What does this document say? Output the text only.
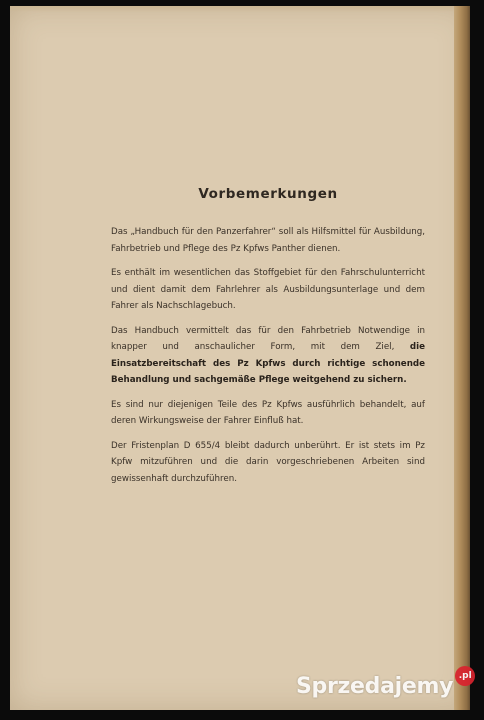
Vorbemerkungen

Das „Handbuch für den Panzerfahrer“ soll als Hilfsmittel für Ausbildung, Fahrbetrieb und Pflege des Pz Kpfws Panther dienen.

Es enthält im wesentlichen das Stoffgebiet für den Fahrschulunterricht und dient damit dem Fahrlehrer als Ausbildungsunterlage und dem Fahrer als Nachschlagebuch.

Das Handbuch vermittelt das für den Fahrbetrieb Notwendige in knapper und anschaulicher Form, mit dem Ziel, die Einsatzbereitschaft des Pz Kpfws durch richtige schonende Behandlung und sachgemäße Pflege weitgehend zu sichern.

Es sind nur diejenigen Teile des Pz Kpfws ausführlich behandelt, auf deren Wirkungsweise der Fahrer Einfluß hat.

Der Fristenplan D 655/4 bleibt dadurch unberührt. Er ist stets im Pz Kpfw mitzuführen und die darin vorgeschriebenen Arbeiten sind gewissenhaft durchzuführen.

Sprzedajemy .pl
